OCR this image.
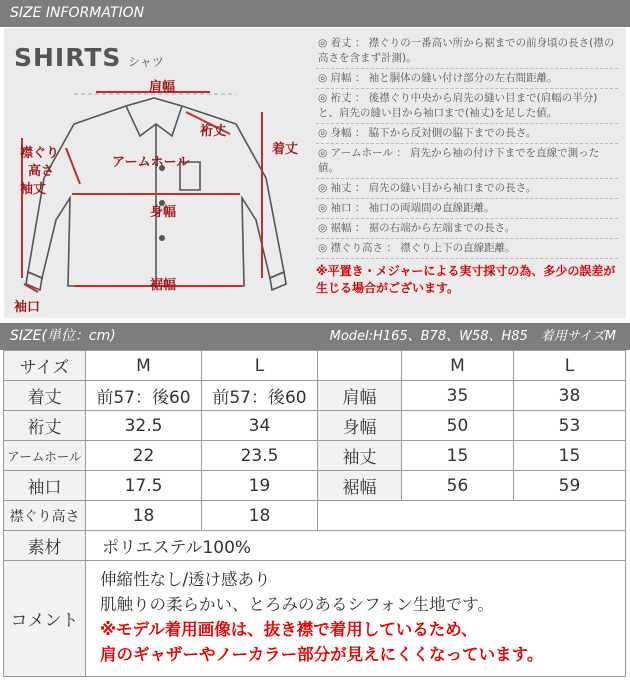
SIZE INFORMATION
SHIRTS シャツ
肩幅
裄丈
着丈
アームホール
身幅
襟ぐり
高さ
袖丈
裾幅
袖口
◎ 着丈 ： 襟ぐりの一番高い所から裾までの前身頃の長さ(襟の高さを含まず計測)。
◎ 肩幅 ： 袖と胴体の縫い付け部分の左右間距離。
◎ 裄丈 ： 後襟ぐり中央から肩先の縫い目まで(肩幅の半分)と、肩先の縫い目から袖口まで(袖丈)を足した値。
◎ 身幅 ： 脇下から反対側の脇下までの長さ。
◎ アームホール ： 肩先から袖の付け下までを直線で測った値。
◎ 袖丈 ： 肩先の縫い目から袖口までの長さ。
◎ 袖口 ： 袖口の両端間の直線距離。
◎ 裾幅 ： 裾の右端から左端までの長さ。
◎ 襟ぐり高さ ： 襟ぐり上下の直線距離。
※平置き・メジャーによる実寸採寸の為、多少の誤差が生じる場合がございます。
SIZE(単位：cm)	Model:H165、B78、W58、H85　着用サイズM
サイズ	M	L		M	L
着丈	前57：後60	前57：後60	肩幅	35	38
裄丈	32.5	34	身幅	50	53
アームホール	22	23.5	袖丈	15	15
袖口	17.5	19	裾幅	56	59
襟ぐり高さ	18	18			
素材	ポリエステル100%				
コメント	伸縮性なし/透け感あり
肌触りの柔らかい、とろみのあるシフォン生地です。
※モデル着用画像は、抜き襟で着用しているため、
肩のギャザーやノーカラー部分が見えにくくなっています。				
